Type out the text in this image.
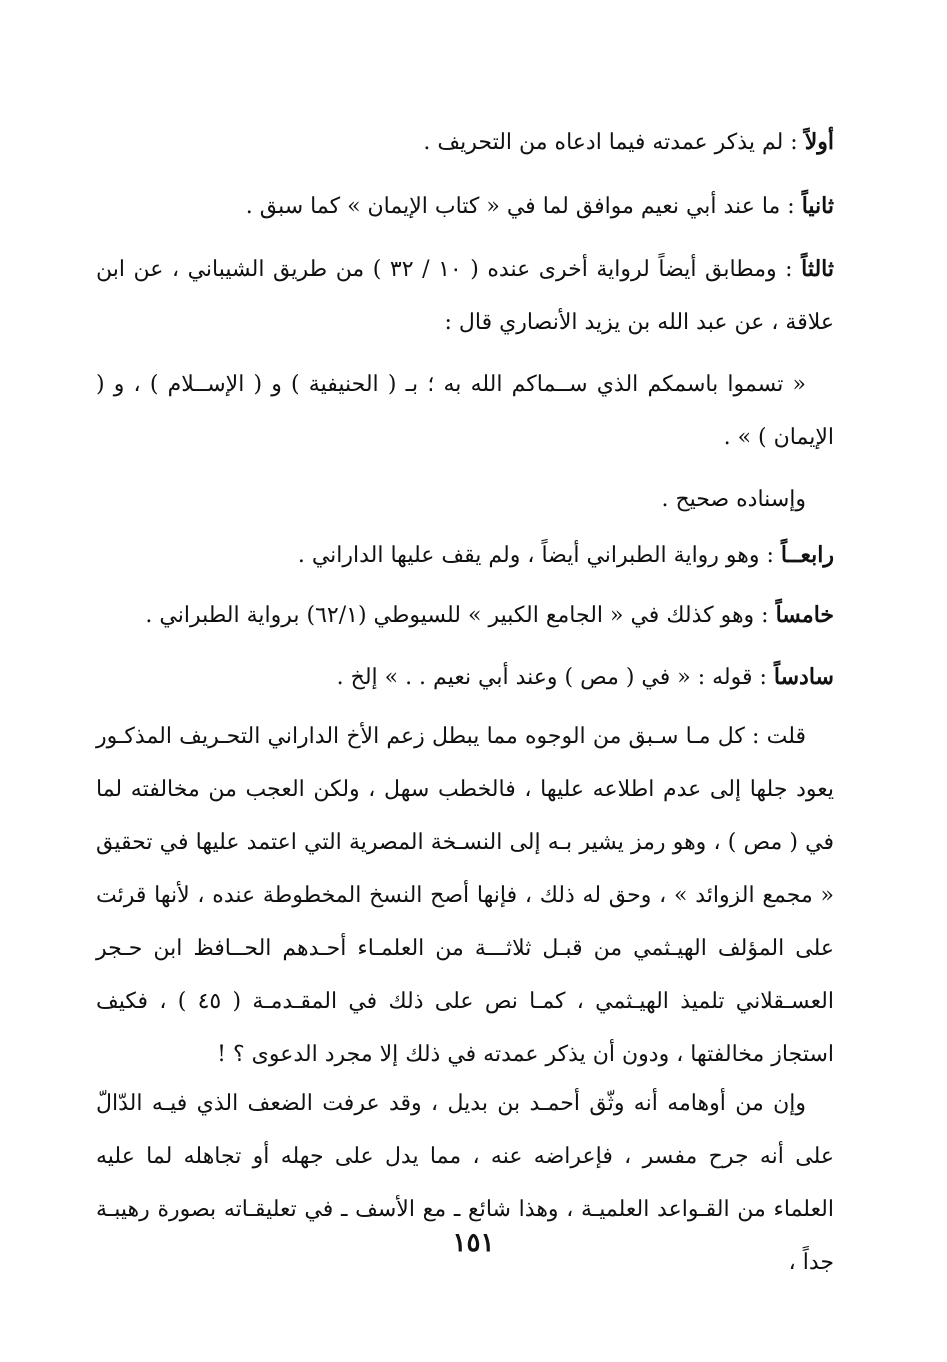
أولاً : لم يذكر عمدته فيما ادعاه من التحريف .
ثانياً : ما عند أبي نعيم موافق لما في « كتاب الإيمان » كما سبق .
ثالثاً : ومطابق أيضاً لرواية أخرى عنده ( ١٠ / ٣٢ ) من طريق الشيباني ، عن ابن علاقة ، عن عبد الله بن يزيد الأنصاري قال :
« تسموا باسمكم الذي ســماكم الله به ؛ بـ ( الحنيفية ) و ( الإســلام ) ، و ( الإيمان ) » .
وإسناده صحيح .
رابعــاً : وهو رواية الطبراني أيضاً ، ولم يقف عليها الداراني .
خامساً : وهو كذلك في « الجامع الكبير » للسيوطي (٦٢/١) برواية الطبراني .
سادساً : قوله : « في ( مص ) وعند أبي نعيم . . » إلخ .
قلت : كل مـا سـبق من الوجوه مما يبطل زعم الأخ الداراني التحـريف المذكـور يعود جلها إلى عدم اطلاعه عليها ، فالخطب سهل ، ولكن العجب من مخالفته لما في ( مص ) ، وهو رمز يشير بـه إلى النسـخة المصرية التي اعتمد عليها في تحقيق « مجمع الزوائد » ، وحق له ذلك ، فإنها أصح النسخ المخطوطة عنده ، لأنها قرئت على المؤلف الهيـثمي من قبـل ثلاثـــة من العلمـاء أحـدهم الحــافظ ابن حـجر العسـقلاني تلميذ الهيـثمي ، كمـا نص على ذلك في المقـدمـة ( ٤٥ ) ، فكيف استجاز مخالفتها ، ودون أن يذكر عمدته في ذلك إلا مجرد الدعوى ؟ !
وإن من أوهامه أنه وثّق أحمـد بن بديل ، وقد عرفت الضعف الذي فيـه الدّالّ على أنه جرح مفسر ، فإعراضه عنه ، مما يدل على جهله أو تجاهله لما عليه العلماء من القـواعد العلميـة ، وهذا شائع ـ مع الأسف ـ في تعليقـاته بصورة رهيبـة جداً ،
١٥١
